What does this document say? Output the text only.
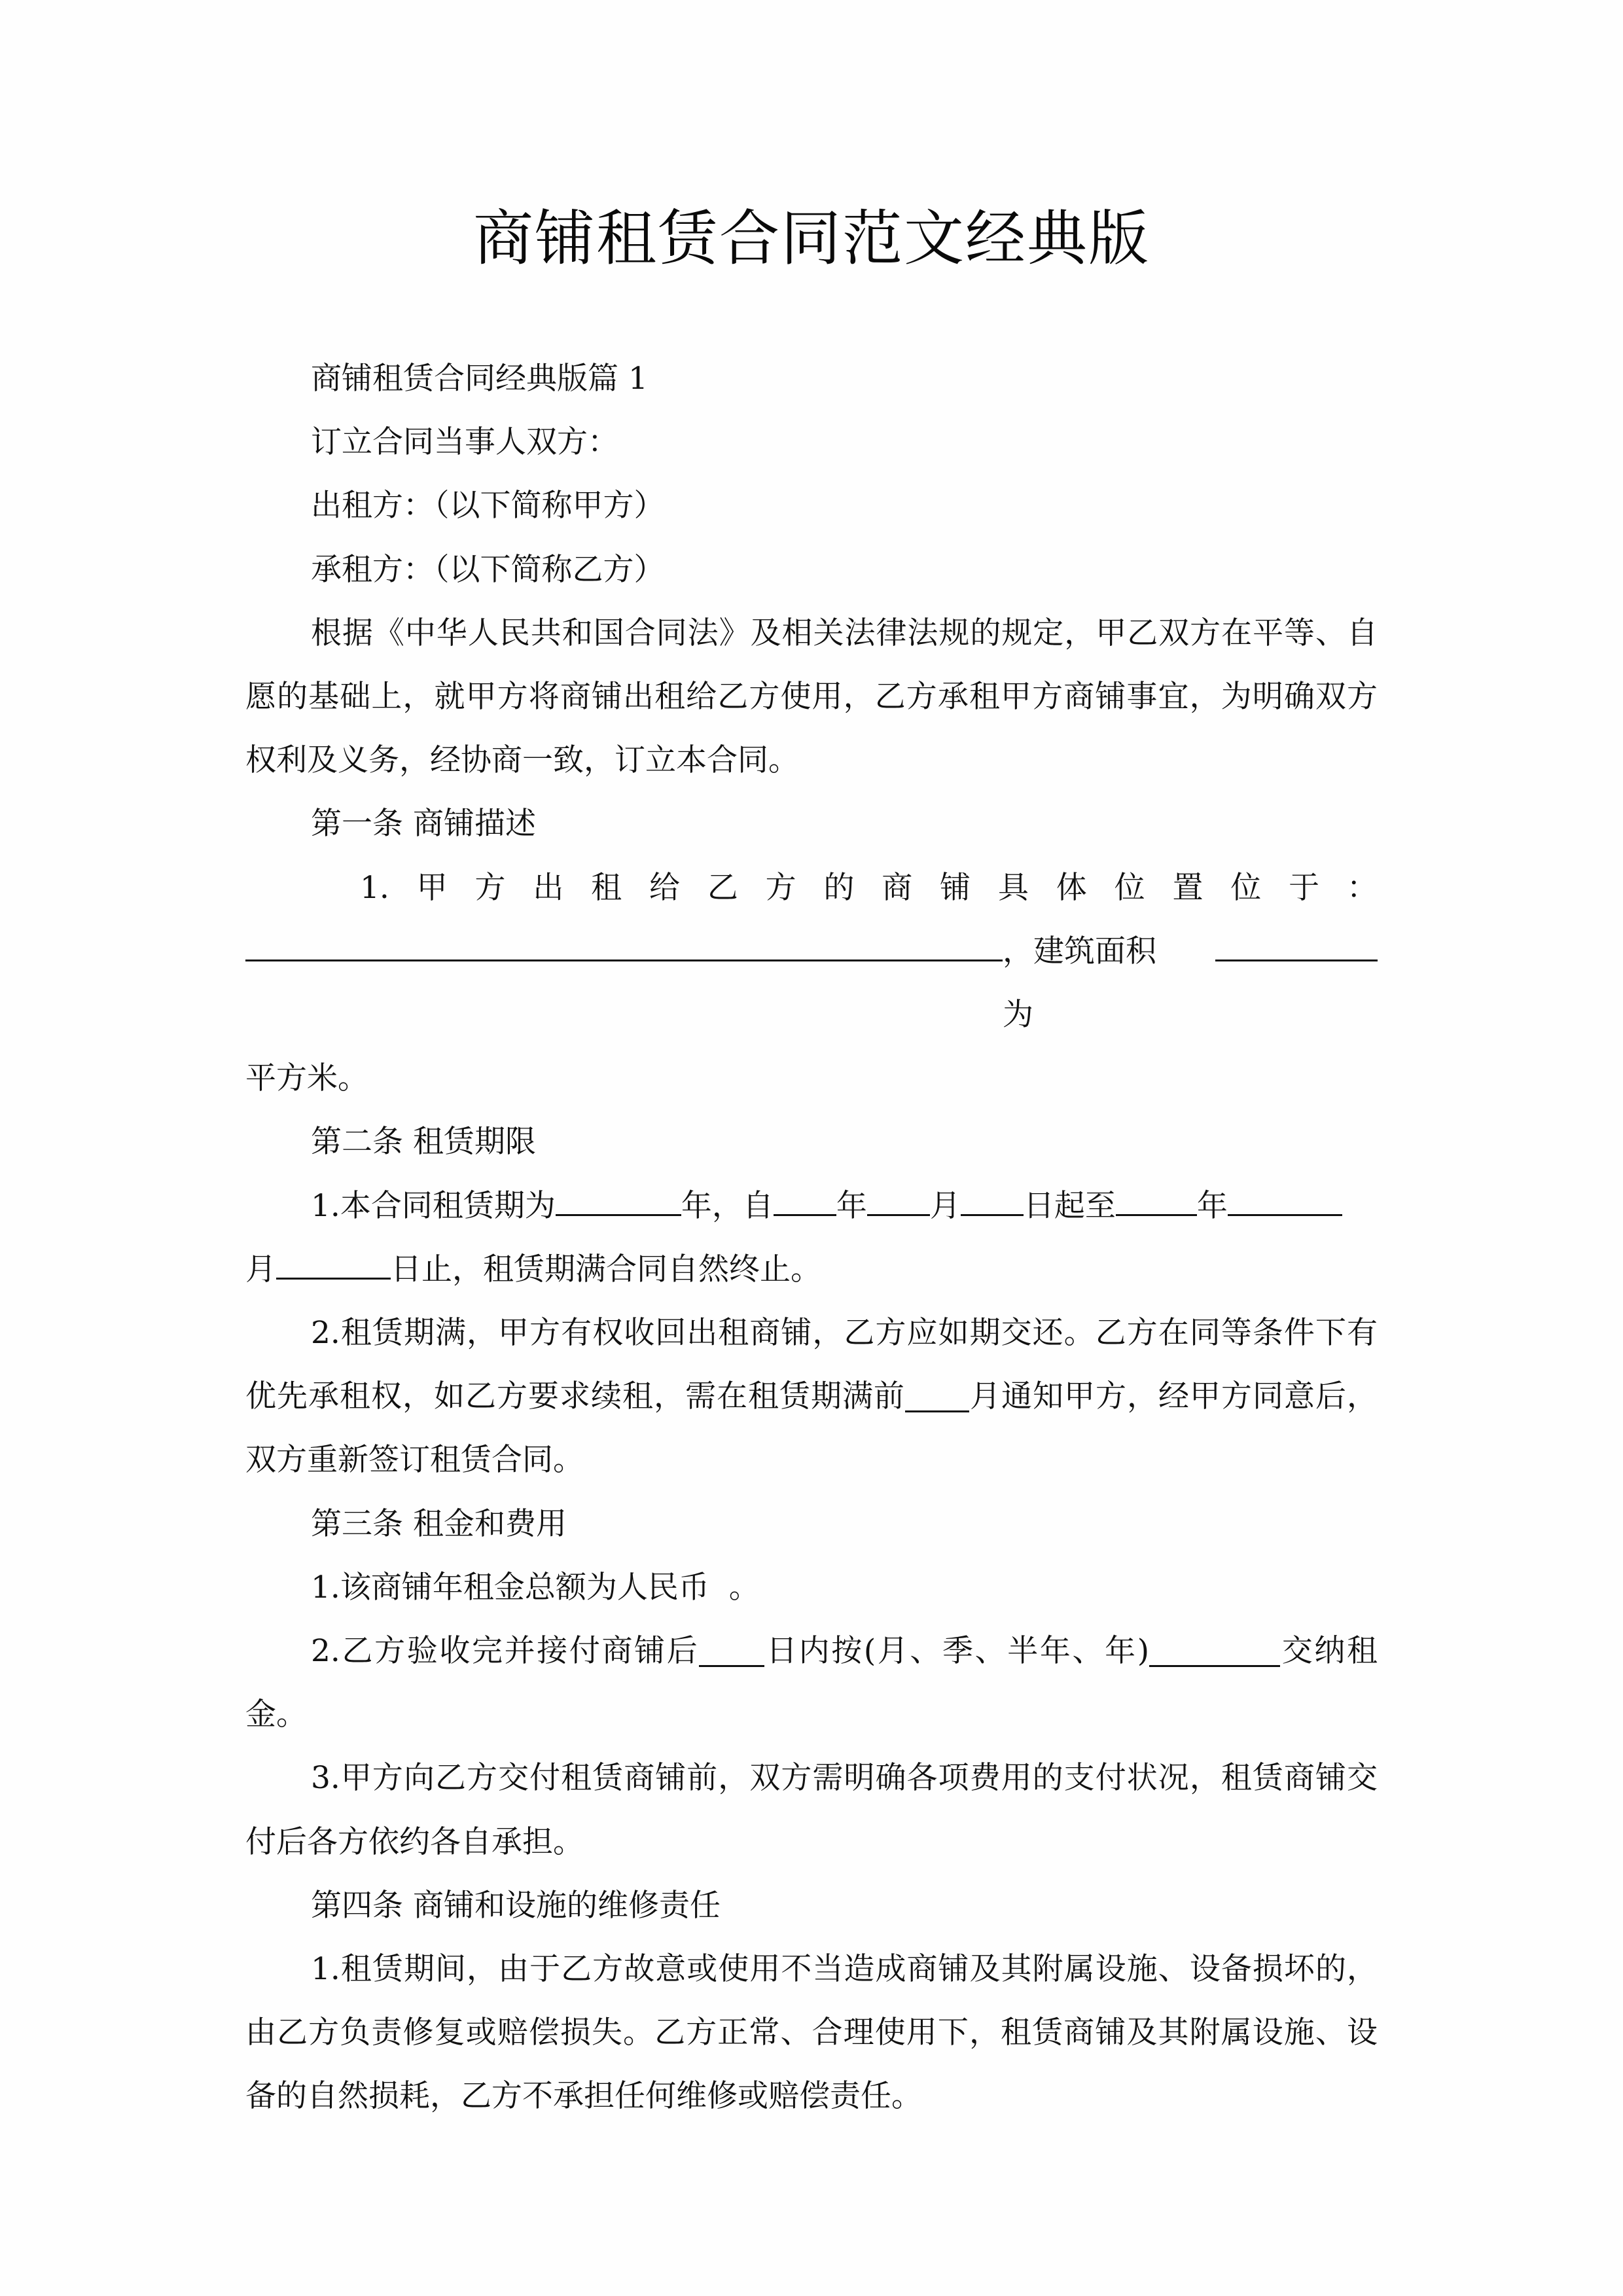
商铺租赁合同范文经典版

商铺租赁合同经典版篇 1

订立合同当事人双方：

出租方：（以下简称甲方）

承租方：（以下简称乙方）

根据《中华人民共和国合同法》及相关法律法规的规定，甲乙双方在平等、自愿的基础上，就甲方将商铺出租给乙方使用，乙方承租甲方商铺事宜，为明确双方权利及义务，经协商一致，订立本合同。

第一条 商铺描述

1. 甲 方 出 租 给 乙 方 的 商 铺 具 体 位 置 位 于 ：

，建筑面积为

平方米。

第二条 租赁期限

1.本合同租赁期为	年，自 年 月 日起至	年

月	日止，租赁期满合同自然终止。

2.租赁期满，甲方有权收回出租商铺，乙方应如期交还。乙方在同等条件下有优先承租权，如乙方要求续租，需在租赁期满前 月通知甲方，经甲方同意后，双方重新签订租赁合同。

第三条 租金和费用

1.该商铺年租金总额为人民币  。

2.乙方验收完并接付商铺后 日内按(月、季、半年、年)	交纳租金。

3.甲方向乙方交付租赁商铺前，双方需明确各项费用的支付状况，租赁商铺交付后各方依约各自承担。

第四条 商铺和设施的维修责任

1.租赁期间，由于乙方故意或使用不当造成商铺及其附属设施、设备损坏的，由乙方负责修复或赔偿损失。乙方正常、合理使用下，租赁商铺及其附属设施、设备的自然损耗，乙方不承担任何维修或赔偿责任。
